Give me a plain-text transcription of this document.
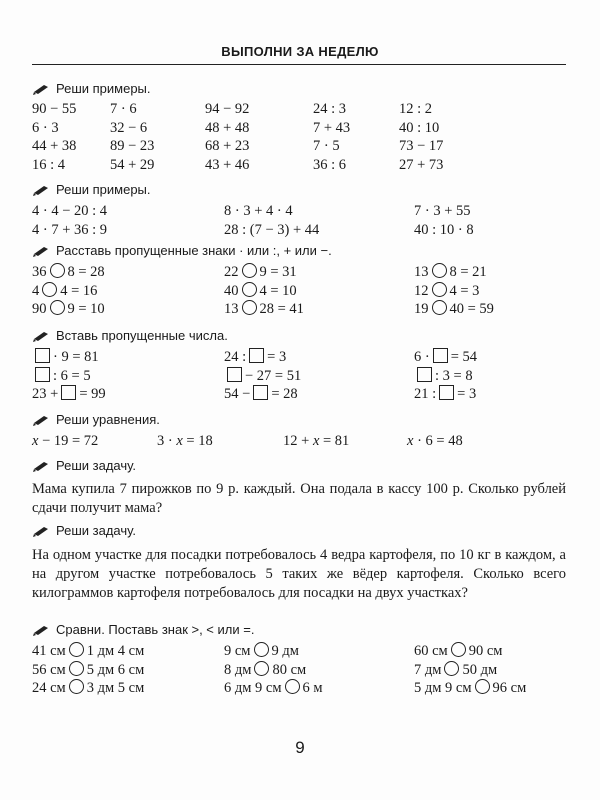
ВЫПОЛНИ ЗА НЕДЕЛЮ
Реши примеры.
90 − 55	7 · 6	94 − 92	24 : 3	12 : 2
6 · 3	32 − 6	48 + 48	7 + 43	40 : 10
44 + 38	89 − 23	68 + 23	7 · 5	73 − 17
16 : 4	54 + 29	43 + 46	36 : 6	27 + 73
Реши примеры.
4 · 4 − 20 : 4	8 · 3 + 4 · 4	7 · 3 + 55
4 · 7 + 36 : 9	28 : (7 − 3) + 44	40 : 10 · 8
Расставь пропущенные знаки · или :, + или −.
36 8 = 28	22 9 = 31	13 8 = 21
4 4 = 16	40 4 = 10	12 4 = 3
90 9 = 10	13 28 = 41	19 40 = 59
Вставь пропущенные числа.
· 9 = 81	24 : = 3	6 · = 54
: 6 = 5	− 27 = 51	: 3 = 8
23 + = 99	54 − = 28	21 : = 3
Реши уравнения.
x − 19 = 72	3 · x = 18	12 + x = 81	x · 6 = 48
Реши задачу.
Мама купила 7 пирожков по 9 р. каждый. Она подала в кассу 100 р. Сколько рублей сдачи получит мама?
Реши задачу.
На одном участке для посадки потребовалось 4 ведра картофеля, по 10 кг в каждом, а на другом участке потребовалось 5 таких же вёдер картофеля. Сколько всего килограммов картофеля потребовалось для посадки на двух участках?
Сравни. Поставь знак >, < или =.
41 см 1 дм 4 см	9 см 9 дм	60 см 90 см
56 см 5 дм 6 см	8 дм 80 см	7 дм 50 дм
24 см 3 дм 5 см	6 дм 9 см 6 м	5 дм 9 см 96 см
9
